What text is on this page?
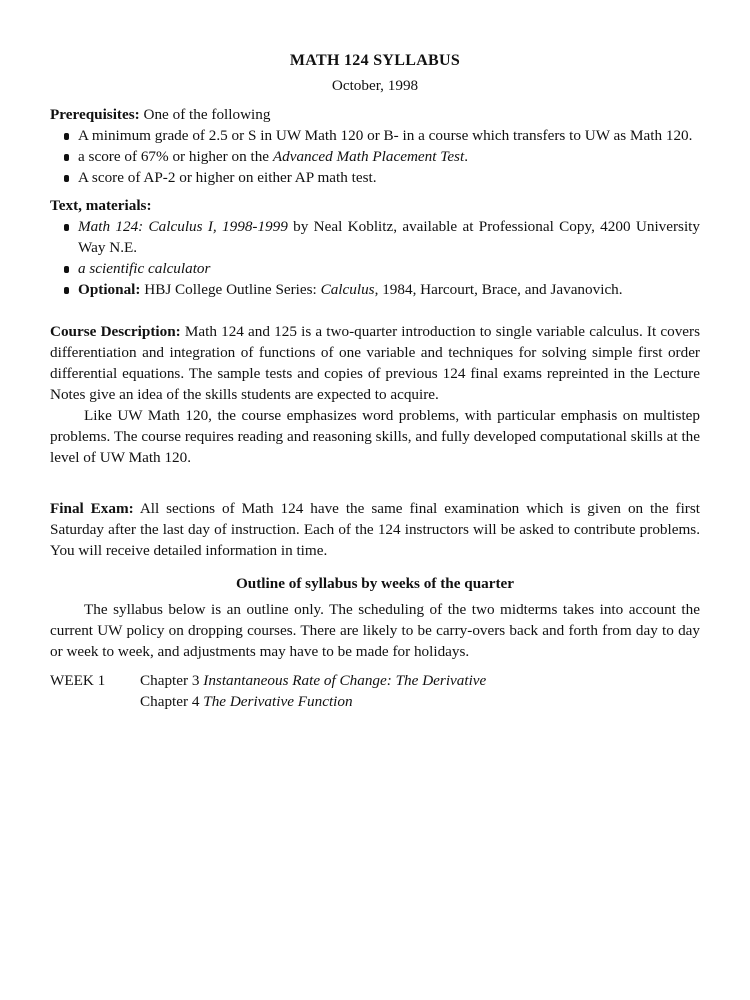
MATH 124 SYLLABUS
October, 1998
Prerequisites: One of the following
A minimum grade of 2.5 or S in UW Math 120 or B- in a course which transfers to UW as Math 120.
a score of 67% or higher on the Advanced Math Placement Test.
A score of AP-2 or higher on either AP math test.
Text, materials:
Math 124: Calculus I, 1998-1999 by Neal Koblitz, available at Professional Copy, 4200 University Way N.E.
a scientific calculator
Optional: HBJ College Outline Series: Calculus, 1984, Harcourt, Brace, and Javanovich.

Course Description: Math 124 and 125 is a two-quarter introduction to single variable calculus. It covers differentiation and integration of functions of one variable and techniques for solving simple first order differential equations. The sample tests and copies of previous 124 final exams repreinted in the Lecture Notes give an idea of the skills students are expected to acquire.

Like UW Math 120, the course emphasizes word problems, with particular emphasis on multistep problems. The course requires reading and reasoning skills, and fully developed computational skills at the level of UW Math 120.

Final Exam: All sections of Math 124 have the same final examination which is given on the first Saturday after the last day of instruction. Each of the 124 instructors will be asked to contribute problems. You will receive detailed information in time.

Outline of syllabus by weeks of the quarter

The syllabus below is an outline only. The scheduling of the two midterms takes into account the current UW policy on dropping courses. There are likely to be carry-overs back and forth from day to day or week to week, and adjustments may have to be made for holidays.

WEEK 1	Chapter 3 Instantaneous Rate of Change: The Derivative
Chapter 4 The Derivative Function
